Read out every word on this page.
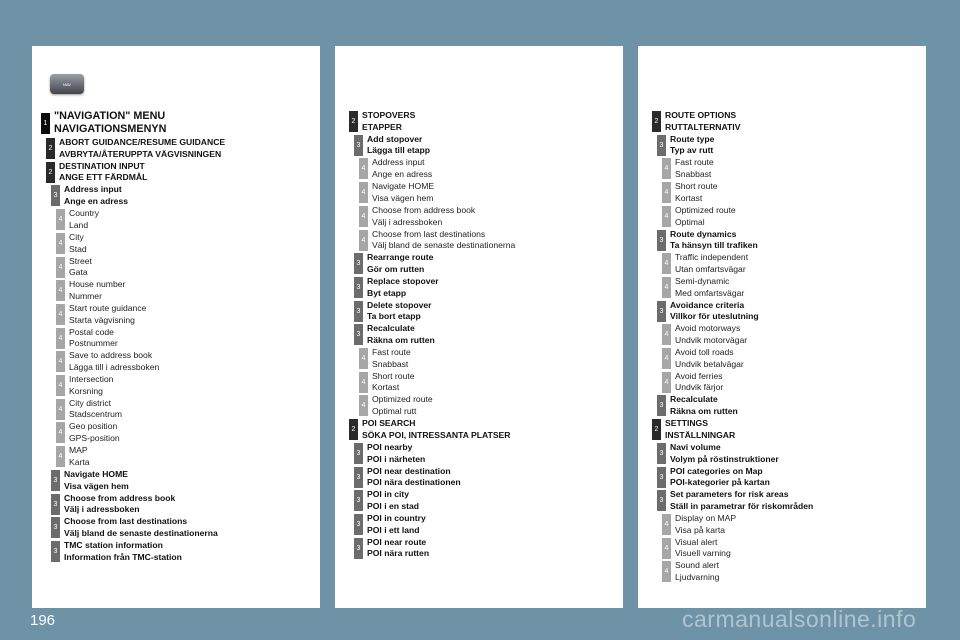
NAV
1
"NAVIGATION" MENU
NAVIGATIONSMENYN
2
ABORT GUIDANCE/RESUME GUIDANCE
AVBRYTA/ÅTERUPPTA VÄGVISNINGEN
2
DESTINATION INPUT
ANGE ETT FÄRDMÅL
3
Address input
Ange en adress
4
Country
Land
4
City
Stad
4
Street
Gata
4
House number
Nummer
4
Start route guidance
Starta vägvisning
4
Postal code
Postnummer
4
Save to address book
Lägga till i adressboken
4
Intersection
Korsning
4
City district
Stadscentrum
4
Geo position
GPS-position
4
MAP
Karta
3
Navigate HOME
Visa vägen hem
3
Choose from address book
Välj i adressboken
3
Choose from last destinations
Välj bland de senaste destinationerna
3
TMC station information
Information från TMC-station
2
STOPOVERS
ETAPPER
3
Add stopover
Lägga till etapp
4
Address input
Ange en adress
4
Navigate HOME
Visa vägen hem
4
Choose from address book
Välj i adressboken
4
Choose from last destinations
Välj bland de senaste destinationerna
3
Rearrange route
Gör om rutten
3
Replace stopover
Byt etapp
3
Delete stopover
Ta bort etapp
3
Recalculate
Räkna om rutten
4
Fast route
Snabbast
4
Short route
Kortast
4
Optimized route
Optimal rutt
2
POI SEARCH
SÖKA POI, INTRESSANTA PLATSER
3
POI nearby
POI i närheten
3
POI near destination
POI nära destinationen
3
POI in city
POI i en stad
3
POI in country
POI i ett land
3
POI near route
POI nära rutten
2
ROUTE OPTIONS
RUTTALTERNATIV
3
Route type
Typ av rutt
4
Fast route
Snabbast
4
Short route
Kortast
4
Optimized route
Optimal
3
Route dynamics
Ta hänsyn till trafiken
4
Traffic independent
Utan omfartsvägar
4
Semi-dynamic
Med omfartsvägar
3
Avoidance criteria
Villkor för uteslutning
4
Avoid motorways
Undvik motorvägar
4
Avoid toll roads
Undvik betalvägar
4
Avoid ferries
Undvik färjor
3
Recalculate
Räkna om rutten
2
SETTINGS
INSTÄLLNINGAR
3
Navi volume
Volym på röstinstruktioner
3
POI categories on Map
POI-kategorier på kartan
3
Set parameters for risk areas
Ställ in parametrar för riskområden
4
Display on MAP
Visa på karta
4
Visual alert
Visuell varning
4
Sound alert
Ljudvarning
196	carmanualsonline.info
